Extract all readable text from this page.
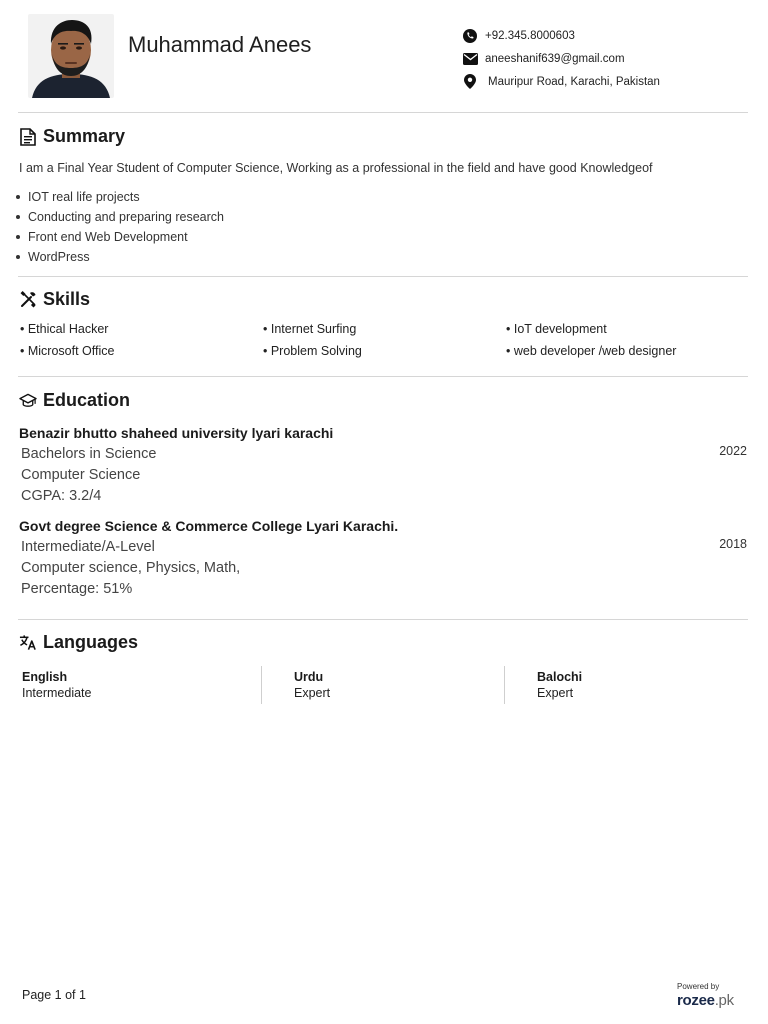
Muhammad Anees	+92.345.8000603
aneeshanif639@gmail.com
Mauripur Road, Karachi, Pakistan
Summary
I am a Final Year Student of Computer Science, Working as a professional in the field and have good Knowledgeof
IOT real life projects
Conducting and preparing research
Front end Web Development
WordPress
Skills
• Ethical Hacker	• Internet Surfing	• IoT development
• Microsoft Office	• Problem Solving	• web developer /web designer
Education
Benazir bhutto shaheed university lyari karachi
Bachelors in Science
Computer Science
CGPA: 3.2/4
2022
Govt degree Science & Commerce College Lyari Karachi.
Intermediate/A-Level
Computer science, Physics, Math,
Percentage: 51%
2018
Languages
English
Intermediate
Urdu
Expert
Balochi
Expert
Page 1 of 1
Powered by
rozee.pk
